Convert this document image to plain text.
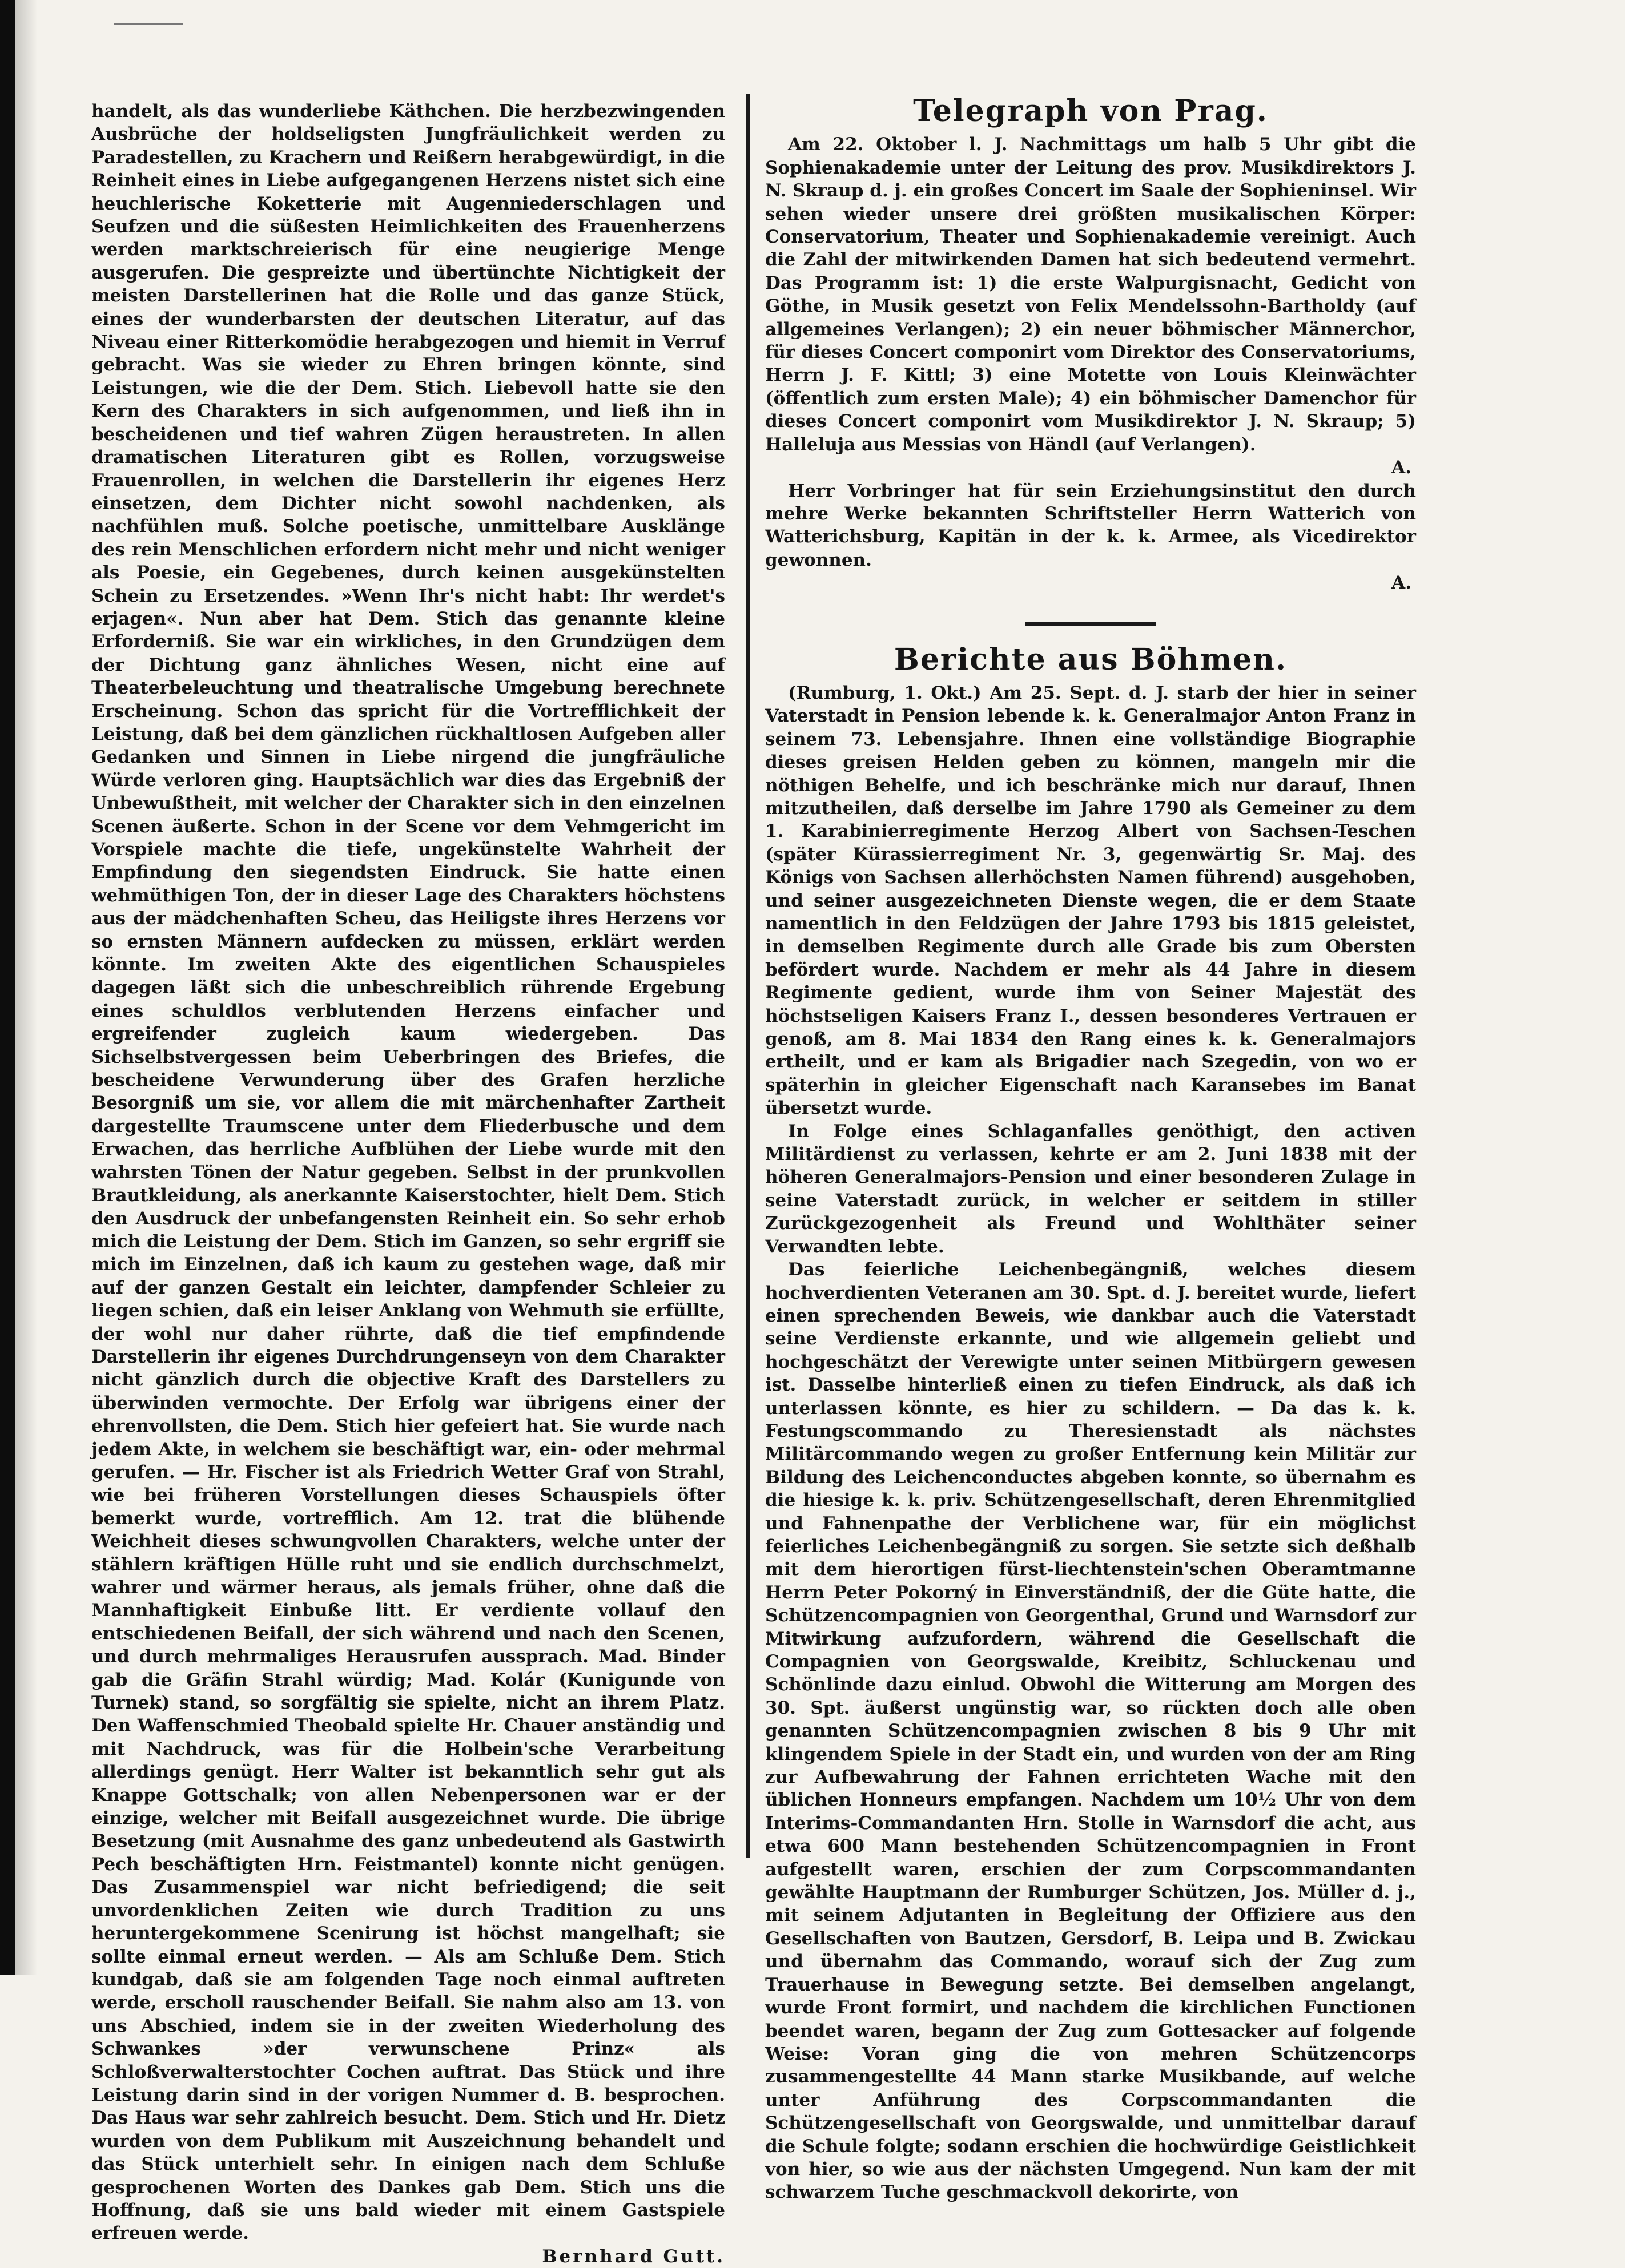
handelt, als das wunderliebe Käthchen. Die herzbezwingenden Ausbrüche der holdseligsten Jungfräulichkeit werden zu Paradestellen, zu Krachern und Reißern herabgewürdigt, in die Reinheit eines in Liebe aufgegangenen Herzens nistet sich eine heuchlerische Koketterie mit Augenniederschlagen und Seufzen und die süßesten Heimlichkeiten des Frauenherzens werden marktschreierisch für eine neugierige Menge ausgerufen. Die gespreizte und übertünchte Nichtigkeit der meisten Darstellerinen hat die Rolle und das ganze Stück, eines der wunderbarsten der deutschen Literatur, auf das Niveau einer Ritterkomödie herabgezogen und hiemit in Verruf gebracht. Was sie wieder zu Ehren bringen könnte, sind Leistungen, wie die der Dem. Stich. Liebevoll hatte sie den Kern des Charakters in sich aufgenommen, und ließ ihn in bescheidenen und tief wahren Zügen heraustreten. In allen dramatischen Literaturen gibt es Rollen, vorzugsweise Frauenrollen, in welchen die Darstellerin ihr eigenes Herz einsetzen, dem Dichter nicht sowohl nachdenken, als nachfühlen muß. Solche poetische, unmittelbare Ausklänge des rein Menschlichen erfordern nicht mehr und nicht weniger als Poesie, ein Gegebenes, durch keinen ausgekünstelten Schein zu Ersetzendes. »Wenn Ihr's nicht habt: Ihr werdet's erjagen«. Nun aber hat Dem. Stich das genannte kleine Erforderniß. Sie war ein wirkliches, in den Grundzügen dem der Dichtung ganz ähnliches Wesen, nicht eine auf Theaterbeleuchtung und theatralische Umgebung berechnete Erscheinung. Schon das spricht für die Vortrefflichkeit der Leistung, daß bei dem gänzlichen rückhaltlosen Aufgeben aller Gedanken und Sinnen in Liebe nirgend die jungfräuliche Würde verloren ging. Hauptsächlich war dies das Ergebniß der Unbewußtheit, mit welcher der Charakter sich in den einzelnen Scenen äußerte. Schon in der Scene vor dem Vehmgericht im Vorspiele machte die tiefe, ungekünstelte Wahrheit der Empfindung den siegendsten Eindruck. Sie hatte einen wehmüthigen Ton, der in dieser Lage des Charakters höchstens aus der mädchenhaften Scheu, das Heiligste ihres Herzens vor so ernsten Männern aufdecken zu müssen, erklärt werden könnte. Im zweiten Akte des eigentlichen Schauspieles dagegen läßt sich die unbeschreiblich rührende Ergebung eines schuldlos verblutenden Herzens einfacher und ergreifender zugleich kaum wiedergeben. Das Sichselbstvergessen beim Ueberbringen des Briefes, die bescheidene Verwunderung über des Grafen herzliche Besorgniß um sie, vor allem die mit märchenhafter Zartheit dargestellte Traumscene unter dem Fliederbusche und dem Erwachen, das herrliche Aufblühen der Liebe wurde mit den wahrsten Tönen der Natur gegeben. Selbst in der prunkvollen Brautkleidung, als anerkannte Kaiserstochter, hielt Dem. Stich den Ausdruck der unbefangensten Reinheit ein. So sehr erhob mich die Leistung der Dem. Stich im Ganzen, so sehr ergriff sie mich im Einzelnen, daß ich kaum zu gestehen wage, daß mir auf der ganzen Gestalt ein leichter, dampfender Schleier zu liegen schien, daß ein leiser Anklang von Wehmuth sie erfüllte, der wohl nur daher rührte, daß die tief empfindende Darstellerin ihr eigenes Durchdrungenseyn von dem Charakter nicht gänzlich durch die objective Kraft des Darstellers zu überwinden vermochte. Der Erfolg war übrigens einer der ehrenvollsten, die Dem. Stich hier gefeiert hat. Sie wurde nach jedem Akte, in welchem sie beschäftigt war, ein- oder mehrmal gerufen. — Hr. Fischer ist als Friedrich Wetter Graf von Strahl, wie bei früheren Vorstellungen dieses Schauspiels öfter bemerkt wurde, vortrefflich. Am 12. trat die blühende Weichheit dieses schwungvollen Charakters, welche unter der stählern kräftigen Hülle ruht und sie endlich durchschmelzt, wahrer und wärmer heraus, als jemals früher, ohne daß die Mannhaftigkeit Einbuße litt. Er verdiente vollauf den entschiedenen Beifall, der sich während und nach den Scenen, und durch mehrmaliges Herausrufen aussprach. Mad. Binder gab die Gräfin Strahl würdig; Mad. Kolár (Kunigunde von Turnek) stand, so sorgfältig sie spielte, nicht an ihrem Platz. Den Waffenschmied Theobald spielte Hr. Chauer anständig und mit Nachdruck, was für die Holbein'sche Verarbeitung allerdings genügt. Herr Walter ist bekanntlich sehr gut als Knappe Gottschalk; von allen Nebenpersonen war er der einzige, welcher mit Beifall ausgezeichnet wurde. Die übrige Besetzung (mit Ausnahme des ganz unbedeutend als Gastwirth Pech beschäftigten Hrn. Feistmantel) konnte nicht genügen. Das Zusammenspiel war nicht befriedigend; die seit unvordenklichen Zeiten wie durch Tradition zu uns heruntergekommene Scenirung ist höchst mangelhaft; sie sollte einmal erneut werden. — Als am Schluße Dem. Stich kundgab, daß sie am folgenden Tage noch einmal auftreten werde, erscholl rauschender Beifall. Sie nahm also am 13. von uns Abschied, indem sie in der zweiten Wiederholung des Schwankes »der verwunschene Prinz« als Schloßverwalterstochter Cochen auftrat. Das Stück und ihre Leistung darin sind in der vorigen Nummer d. B. besprochen. Das Haus war sehr zahlreich besucht. Dem. Stich und Hr. Dietz wurden von dem Publikum mit Auszeichnung behandelt und das Stück unterhielt sehr. In einigen nach dem Schluße gesprochenen Worten des Dankes gab Dem. Stich uns die Hoffnung, daß sie uns bald wieder mit einem Gastspiele erfreuen werde.

Bernhard Gutt.

Telegraph von Prag.

Am 22. Oktober l. J. Nachmittags um halb 5 Uhr gibt die Sophienakademie unter der Leitung des prov. Musikdirektors J. N. Skraup d. j. ein großes Concert im Saale der Sophieninsel. Wir sehen wieder unsere drei größten musikalischen Körper: Conservatorium, Theater und Sophienakademie vereinigt. Auch die Zahl der mitwirkenden Damen hat sich bedeutend vermehrt. Das Programm ist: 1) die erste Walpurgisnacht, Gedicht von Göthe, in Musik gesetzt von Felix Mendelssohn-Bartholdy (auf allgemeines Verlangen); 2) ein neuer böhmischer Männerchor, für dieses Concert componirt vom Direktor des Conservatoriums, Herrn J. F. Kittl; 3) eine Motette von Louis Kleinwächter (öffentlich zum ersten Male); 4) ein böhmischer Damenchor für dieses Concert componirt vom Musikdirektor J. N. Skraup; 5) Halleluja aus Messias von Händl (auf Verlangen).

A.

Herr Vorbringer hat für sein Erziehungsinstitut den durch mehre Werke bekannten Schriftsteller Herrn Watterich von Watterichsburg, Kapitän in der k. k. Armee, als Vicedirektor gewonnen.

A.

Berichte aus Böhmen.

(Rumburg, 1. Okt.) Am 25. Sept. d. J. starb der hier in seiner Vaterstadt in Pension lebende k. k. Generalmajor Anton Franz in seinem 73. Lebensjahre. Ihnen eine vollständige Biographie dieses greisen Helden geben zu können, mangeln mir die nöthigen Behelfe, und ich beschränke mich nur darauf, Ihnen mitzutheilen, daß derselbe im Jahre 1790 als Gemeiner zu dem 1. Karabinierregimente Herzog Albert von Sachsen-Teschen (später Kürassierregiment Nr. 3, gegenwärtig Sr. Maj. des Königs von Sachsen allerhöchsten Namen führend) ausgehoben, und seiner ausgezeichneten Dienste wegen, die er dem Staate namentlich in den Feldzügen der Jahre 1793 bis 1815 geleistet, in demselben Regimente durch alle Grade bis zum Obersten befördert wurde. Nachdem er mehr als 44 Jahre in diesem Regimente gedient, wurde ihm von Seiner Majestät des höchstseligen Kaisers Franz I., dessen besonderes Vertrauen er genoß, am 8. Mai 1834 den Rang eines k. k. Generalmajors ertheilt, und er kam als Brigadier nach Szegedin, von wo er späterhin in gleicher Eigenschaft nach Karansebes im Banat übersetzt wurde.

In Folge eines Schlaganfalles genöthigt, den activen Militärdienst zu verlassen, kehrte er am 2. Juni 1838 mit der höheren Generalmajors-Pension und einer besonderen Zulage in seine Vaterstadt zurück, in welcher er seitdem in stiller Zurückgezogenheit als Freund und Wohlthäter seiner Verwandten lebte.

Das feierliche Leichenbegängniß, welches diesem hochverdienten Veteranen am 30. Spt. d. J. bereitet wurde, liefert einen sprechenden Beweis, wie dankbar auch die Vaterstadt seine Verdienste erkannte, und wie allgemein geliebt und hochgeschätzt der Verewigte unter seinen Mitbürgern gewesen ist. Dasselbe hinterließ einen zu tiefen Eindruck, als daß ich unterlassen könnte, es hier zu schildern. — Da das k. k. Festungscommando zu Theresienstadt als nächstes Militärcommando wegen zu großer Entfernung kein Militär zur Bildung des Leichenconductes abgeben konnte, so übernahm es die hiesige k. k. priv. Schützengesellschaft, deren Ehrenmitglied und Fahnenpathe der Verblichene war, für ein möglichst feierliches Leichenbegängniß zu sorgen. Sie setzte sich deßhalb mit dem hierortigen fürst-liechtenstein'schen Oberamtmanne Herrn Peter Pokorný in Einverständniß, der die Güte hatte, die Schützencompagnien von Georgenthal, Grund und Warnsdorf zur Mitwirkung aufzufordern, während die Gesellschaft die Compagnien von Georgswalde, Kreibitz, Schluckenau und Schönlinde dazu einlud. Obwohl die Witterung am Morgen des 30. Spt. äußerst ungünstig war, so rückten doch alle oben genannten Schützencompagnien zwischen 8 bis 9 Uhr mit klingendem Spiele in der Stadt ein, und wurden von der am Ring zur Aufbewahrung der Fahnen errichteten Wache mit den üblichen Honneurs empfangen. Nachdem um 10½ Uhr von dem Interims-Commandanten Hrn. Stolle in Warnsdorf die acht, aus etwa 600 Mann bestehenden Schützencompagnien in Front aufgestellt waren, erschien der zum Corpscommandanten gewählte Hauptmann der Rumburger Schützen, Jos. Müller d. j., mit seinem Adjutanten in Begleitung der Offiziere aus den Gesellschaften von Bautzen, Gersdorf, B. Leipa und B. Zwickau und übernahm das Commando, worauf sich der Zug zum Trauerhause in Bewegung setzte. Bei demselben angelangt, wurde Front formirt, und nachdem die kirchlichen Functionen beendet waren, begann der Zug zum Gottesacker auf folgende Weise: Voran ging die von mehren Schützencorps zusammengestellte 44 Mann starke Musikbande, auf welche unter Anführung des Corpscommandanten die Schützengesellschaft von Georgswalde, und unmittelbar darauf die Schule folgte; sodann erschien die hochwürdige Geistlichkeit von hier, so wie aus der nächsten Umgegend. Nun kam der mit schwarzem Tuche geschmackvoll dekorirte, von
